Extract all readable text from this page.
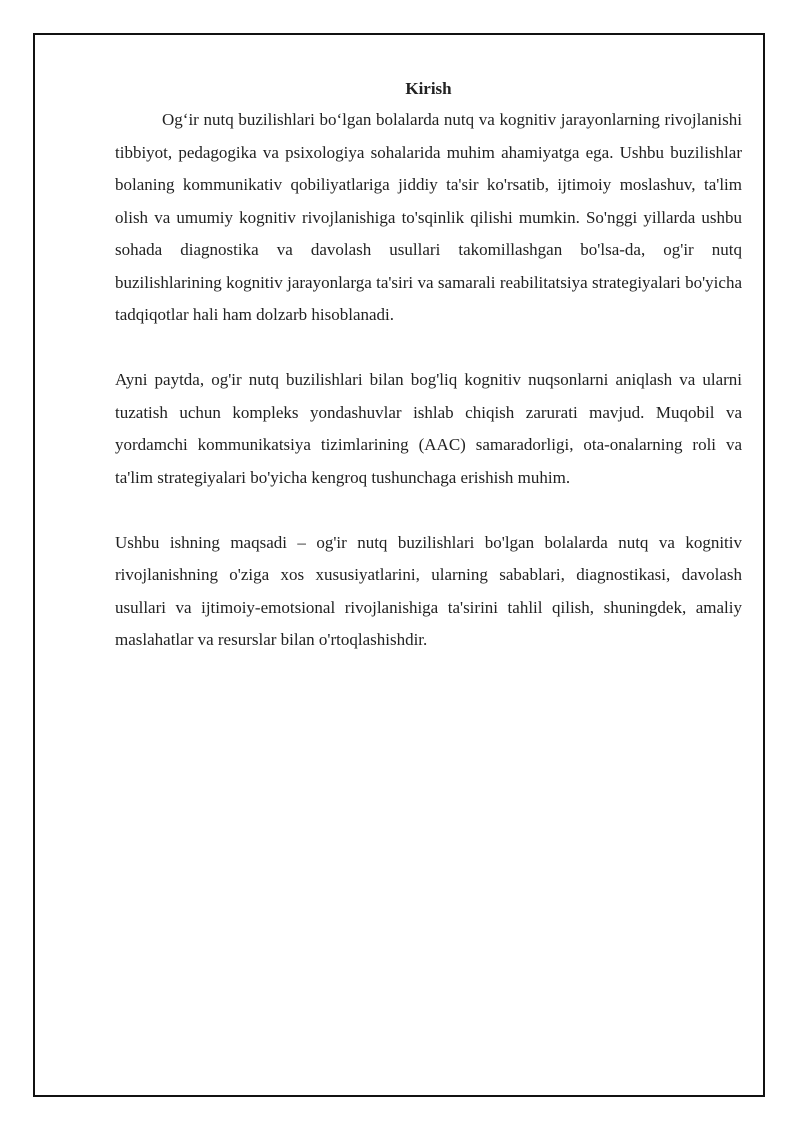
Kirish

Og‘ir nutq buzilishlari bo‘lgan bolalarda nutq va kognitiv jarayonlarning rivojlanishi tibbiyot, pedagogika va psixologiya sohalarida muhim ahamiyatga ega. Ushbu buzilishlar bolaning kommunikativ qobiliyatlariga jiddiy ta'sir ko'rsatib, ijtimoiy moslashuv, ta'lim olish va umumiy kognitiv rivojlanishiga to'sqinlik qilishi mumkin. So'nggi yillarda ushbu sohada diagnostika va davolash usullari takomillashgan bo'lsa-da, og'ir nutq buzilishlarining kognitiv jarayonlarga ta'siri va samarali reabilitatsiya strategiyalari bo'yicha tadqiqotlar hali ham dolzarb hisoblanadi.

Ayni paytda, og'ir nutq buzilishlari bilan bog'liq kognitiv nuqsonlarni aniqlash va ularni tuzatish uchun kompleks yondashuvlar ishlab chiqish zarurati mavjud. Muqobil va yordamchi kommunikatsiya tizimlarining (AAC) samaradorligi, ota-onalarning roli va ta'lim strategiyalari bo'yicha kengroq tushunchaga erishish muhim.

Ushbu ishning maqsadi – og'ir nutq buzilishlari bo'lgan bolalarda nutq va kognitiv rivojlanishning o'ziga xos xususiyatlarini, ularning sabablari, diagnostikasi, davolash usullari va ijtimoiy-emotsional rivojlanishiga ta'sirini tahlil qilish, shuningdek, amaliy maslahatlar va resurslar bilan o'rtoqlashishdir.
